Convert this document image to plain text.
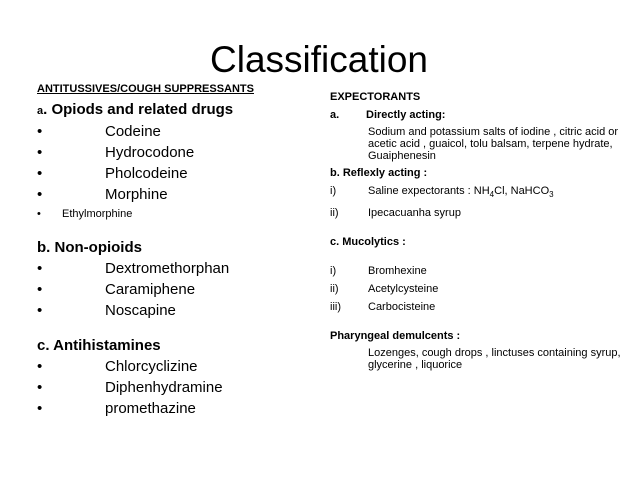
Classification
ANTITUSSIVES/COUGH SUPPRESSANTS
a. Opiods and related drugs
•	Codeine
•	Hydrocodone
•	Pholcodeine
•	Morphine
•	Ethylmorphine
b. Non-opioids
•	Dextromethorphan
•	Caramiphene
•	Noscapine
c. Antihistamines
•	Chlorcyclizine
•	Diphenhydramine
•	promethazine
EXPECTORANTS
a.	Directly acting:
Sodium and potassium salts of iodine , citric acid or acetic acid , guaicol, tolu balsam, terpene hydrate, Guaiphenesin
b. Reflexly acting :
i)	Saline expectorants : $NH_4Cl$, NaHCO$_3$
ii)	Ipecacuanha syrup
c. Mucolytics :
i)	Bromhexine
ii)	Acetylcysteine
iii)	Carbocisteine
Pharyngeal demulcents :
Lozenges, cough drops , linctuses containing syrup, glycerine , liquorice
